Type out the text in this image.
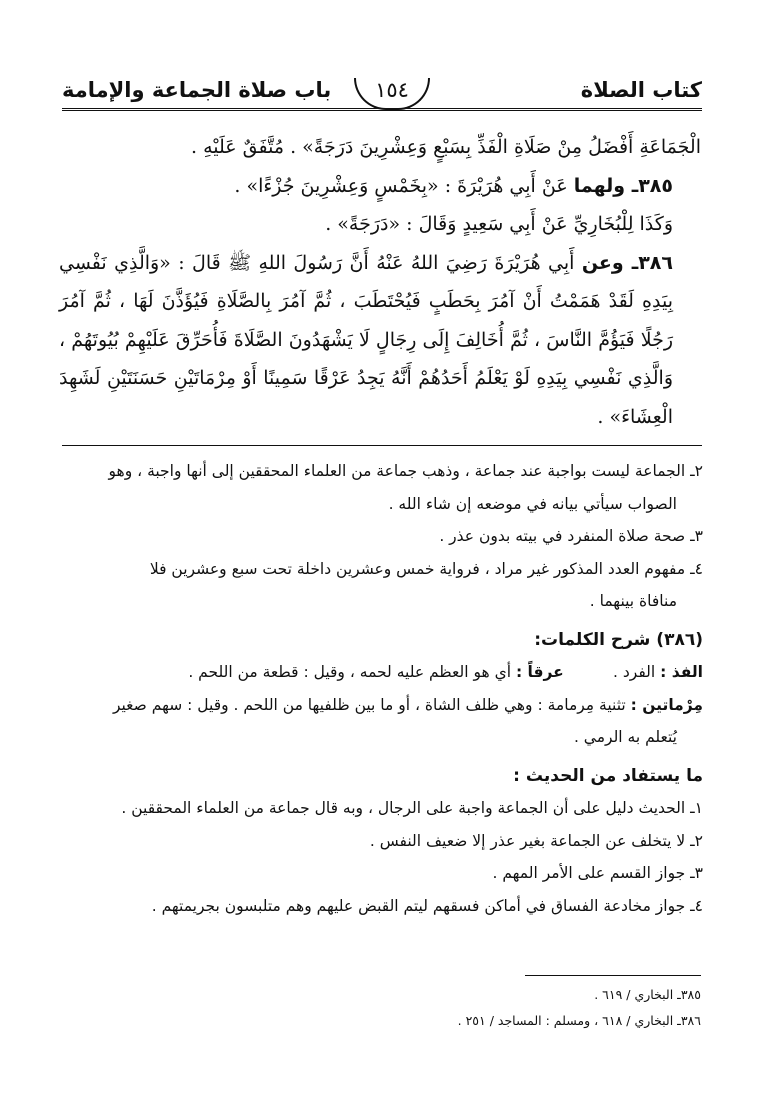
كتاب الصلاة
١٥٤
باب صلاة الجماعة والإمامة

الْجَمَاعَةِ أَفْضَلُ مِنْ صَلَاةِ الْفَذِّ بِسَبْعٍ وَعِشْرِينَ دَرَجَةً» . مُتَّفَقٌ عَلَيْهِ .

٣٨٥ـ ولهما عَنْ أَبِي هُرَيْرَةَ : «بِخَمْسٍ وَعِشْرِينَ جُزْءًا» .

وَكَذَا لِلْبُخَارِيِّ عَنْ أَبِي سَعِيدٍ وَقَالَ : «دَرَجَةً» .

٣٨٦ـ وعن أَبِي هُرَيْرَةَ رَضِيَ اللهُ عَنْهُ أَنَّ رَسُولَ اللهِ ﷺ قَالَ : «وَالَّذِي نَفْسِي بِيَدِهِ لَقَدْ هَمَمْتُ أَنْ آمُرَ بِحَطَبٍ فَيُحْتَطَبَ ، ثُمَّ آمُرَ بِالصَّلَاةِ فَيُؤَذَّنَ لَهَا ، ثُمَّ آمُرَ رَجُلًا فَيَؤُمَّ النَّاسَ ، ثُمَّ أُخَالِفَ إِلَى رِجَالٍ لَا يَشْهَدُونَ الصَّلَاةَ فَأُحَرِّقَ عَلَيْهِمْ بُيُوتَهُمْ ، وَالَّذِي نَفْسِي بِيَدِهِ لَوْ يَعْلَمُ أَحَدُهُمْ أَنَّهُ يَجِدُ عَرْقًا سَمِينًا أَوْ مِرْمَاتَيْنِ حَسَنَتَيْنِ لَشَهِدَ الْعِشَاءَ» .

٢ـ الجماعة ليست بواجبة عند جماعة ، وذهب جماعة من العلماء المحققين إلى أنها واجبة ، وهو

الصواب سيأتي بيانه في موضعه إن شاء الله .

٣ـ صحة صلاة المنفرد في بيته بدون عذر .

٤ـ مفهوم العدد المذكور غير مراد ، فرواية خمس وعشرين داخلة تحت سبع وعشرين فلا

منافاة بينهما .

(٣٨٦) شرح الكلمات:

الفذ : الفرد .          عرقاً : أي هو العظم عليه لحمه ، وقيل : قطعة من اللحم .

مِرْماتين : تثنية مِرمامة : وهي ظلف الشاة ، أو ما بين ظلفيها من اللحم . وقيل : سهم صغير

يُتعلم به الرمي .

ما يستفاد من الحديث :

١ـ الحديث دليل على أن الجماعة واجبة على الرجال ، وبه قال جماعة من العلماء المحققين .

٢ـ لا يتخلف عن الجماعة بغير عذر إلا ضعيف النفس .

٣ـ جواز القسم على الأمر المهم .

٤ـ جواز مخادعة الفساق في أماكن فسقهم ليتم القبض عليهم وهم متلبسون بجريمتهم .

٣٨٥ـ البخاري / ٦١٩ .

٣٨٦ـ البخاري / ٦١٨ ، ومسلم : المساجد / ٢٥١ .
